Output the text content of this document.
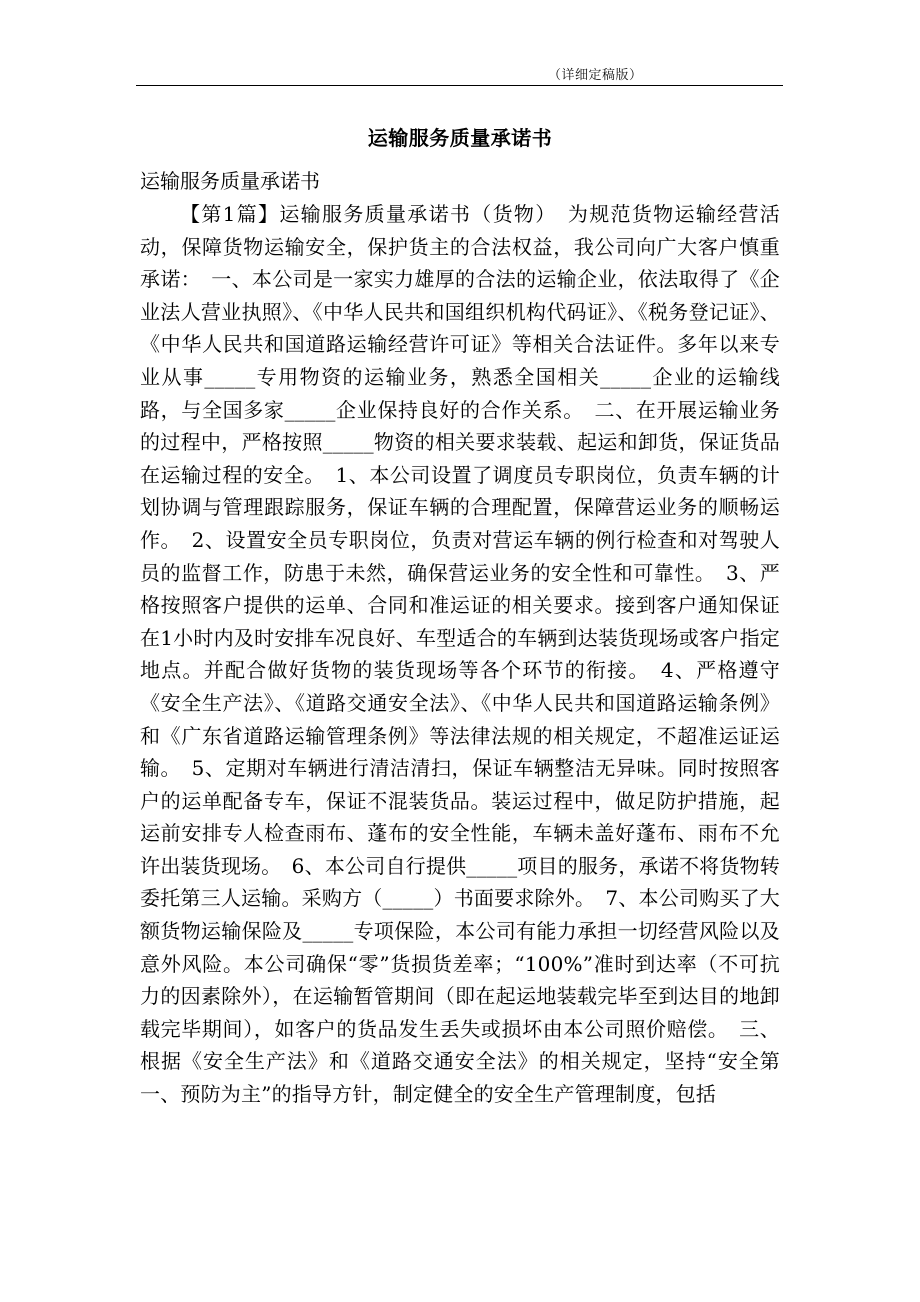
（详细定稿版）
运输服务质量承诺书
运输服务质量承诺书

【第1篇】运输服务质量承诺书（货物）　为规范货物运输经营活动，保障货物运输安全，保护货主的合法权益，我公司向广大客户慎重承诺：　一、本公司是一家实力雄厚的合法的运输企业，依法取得了《企业法人营业执照》、《中华人民共和国组织机构代码证》、《税务登记证》、《中华人民共和国道路运输经营许可证》等相关合法证件。多年以来专业从事_____专用物资的运输业务，熟悉全国相关_____企业的运输线路，与全国多家_____企业保持良好的合作关系。　二、在开展运输业务的过程中，严格按照_____物资的相关要求装载、起运和卸货，保证货品在运输过程的安全。　1、本公司设置了调度员专职岗位，负责车辆的计划协调与管理跟踪服务，保证车辆的合理配置，保障营运业务的顺畅运作。　2、设置安全员专职岗位，负责对营运车辆的例行检查和对驾驶人员的监督工作，防患于未然，确保营运业务的安全性和可靠性。　3、严格按照客户提供的运单、合同和准运证的相关要求。接到客户通知保证在1小时内及时安排车况良好、车型适合的车辆到达装货现场或客户指定地点。并配合做好货物的装货现场等各个环节的衔接。　4、严格遵守《安全生产法》、《道路交通安全法》、《中华人民共和国道路运输条例》和《广东省道路运输管理条例》等法律法规的相关规定，不超准运证运输。　5、定期对车辆进行清洁清扫，保证车辆整洁无异味。同时按照客户的运单配备专车，保证不混装货品。装运过程中，做足防护措施，起运前安排专人检查雨布、蓬布的安全性能，车辆未盖好蓬布、雨布不允许出装货现场。　6、本公司自行提供_____项目的服务，承诺不将货物转委托第三人运输。采购方（_____）书面要求除外。　7、本公司购买了大额货物运输保险及_____专项保险，本公司有能力承担一切经营风险以及意外风险。本公司确保“零”货损货差率；“100%”准时到达率（不可抗力的因素除外），在运输暂管期间（即在起运地装载完毕至到达目的地卸载完毕期间），如客户的货品发生丢失或损坏由本公司照价赔偿。　三、根据《安全生产法》和《道路交通安全法》的相关规定，坚持“安全第一、预防为主”的指导方针，制定健全的安全生产管理制度，包括
